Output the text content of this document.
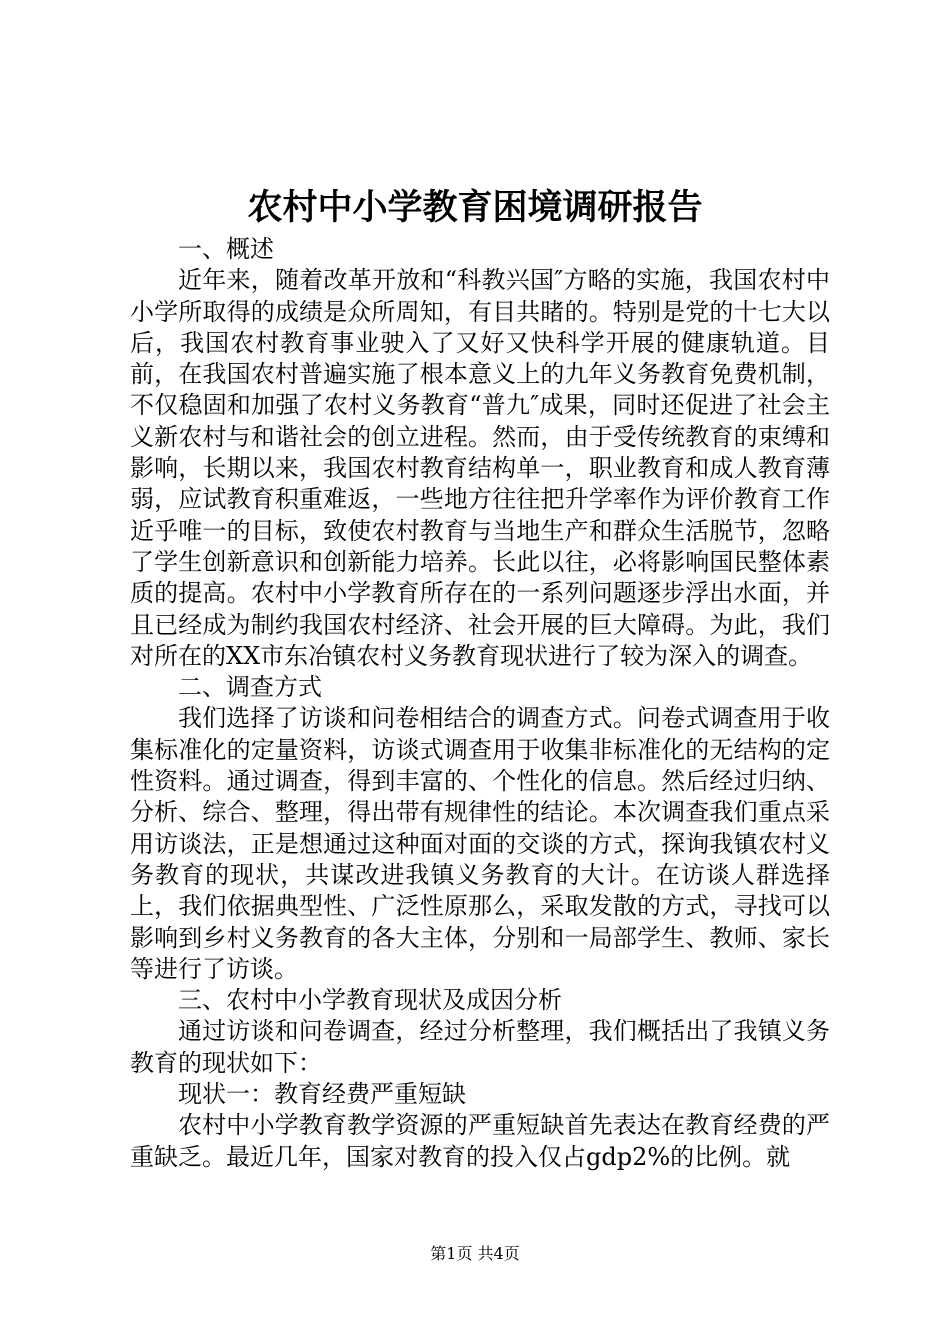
农村中小学教育困境调研报告

一、概述

近年来，随着改革开放和“科教兴国″方略的实施，我国农村中小学所取得的成绩是众所周知，有目共睹的。特别是党的十七大以后，我国农村教育事业驶入了又好又快科学开展的健康轨道。目前，在我国农村普遍实施了根本意义上的九年义务教育免费机制，不仅稳固和加强了农村义务教育“普九″成果，同时还促进了社会主义新农村与和谐社会的创立进程。然而，由于受传统教育的束缚和影响，长期以来，我国农村教育结构单一，职业教育和成人教育薄弱，应试教育积重难返，一些地方往往把升学率作为评价教育工作近乎唯一的目标，致使农村教育与当地生产和群众生活脱节，忽略了学生创新意识和创新能力培养。长此以往，必将影响国民整体素质的提高。农村中小学教育所存在的一系列问题逐步浮出水面，并且已经成为制约我国农村经济、社会开展的巨大障碍。为此，我们对所在的XX市东冶镇农村义务教育现状进行了较为深入的调查。

二、调查方式

我们选择了访谈和问卷相结合的调查方式。问卷式调查用于收集标准化的定量资料，访谈式调查用于收集非标准化的无结构的定性资料。通过调查，得到丰富的、个性化的信息。然后经过归纳、分析、综合、整理，得出带有规律性的结论。本次调查我们重点采用访谈法，正是想通过这种面对面的交谈的方式，探询我镇农村义务教育的现状，共谋改进我镇义务教育的大计。在访谈人群选择上，我们依据典型性、广泛性原那么，采取发散的方式，寻找可以影响到乡村义务教育的各大主体，分别和一局部学生、教师、家长等进行了访谈。

三、农村中小学教育现状及成因分析

通过访谈和问卷调查，经过分析整理，我们概括出了我镇义务教育的现状如下：

现状一：教育经费严重短缺

农村中小学教育教学资源的严重短缺首先表达在教育经费的严重缺乏。最近几年，国家对教育的投入仅占gdp2%的比例。就

第1页 共4页
